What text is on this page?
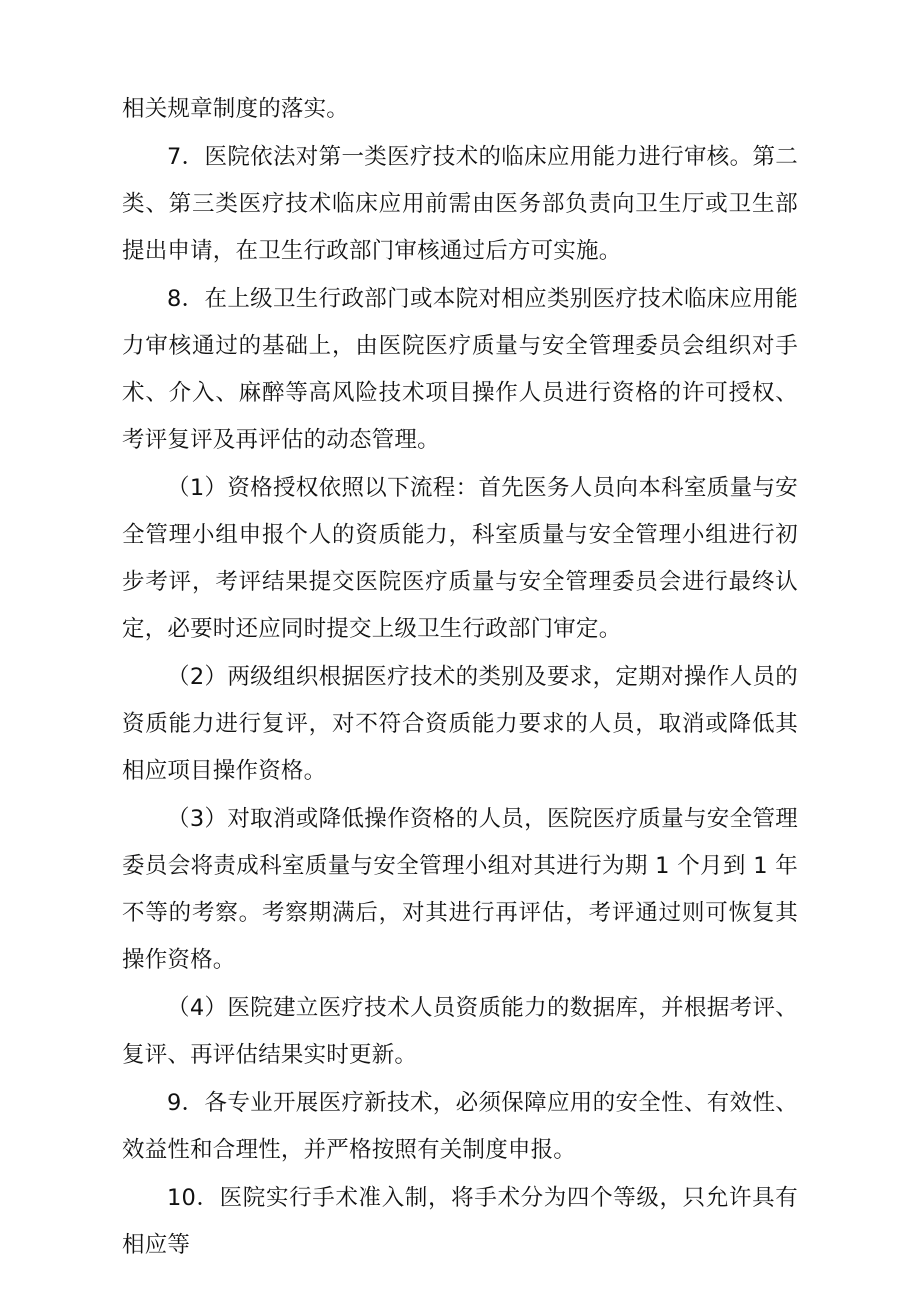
相关规章制度的落实。

7．医院依法对第一类医疗技术的临床应用能力进行审核。第二类、第三类医疗技术临床应用前需由医务部负责向卫生厅或卫生部提出申请，在卫生行政部门审核通过后方可实施。

8．在上级卫生行政部门或本院对相应类别医疗技术临床应用能力审核通过的基础上，由医院医疗质量与安全管理委员会组织对手术、介入、麻醉等高风险技术项目操作人员进行资格的许可授权、考评复评及再评估的动态管理。

（1）资格授权依照以下流程：首先医务人员向本科室质量与安全管理小组申报个人的资质能力，科室质量与安全管理小组进行初步考评，考评结果提交医院医疗质量与安全管理委员会进行最终认定，必要时还应同时提交上级卫生行政部门审定。

（2）两级组织根据医疗技术的类别及要求，定期对操作人员的资质能力进行复评，对不符合资质能力要求的人员，取消或降低其相应项目操作资格。

（3）对取消或降低操作资格的人员，医院医疗质量与安全管理委员会将责成科室质量与安全管理小组对其进行为期 1 个月到 1 年不等的考察。考察期满后，对其进行再评估，考评通过则可恢复其操作资格。

（4）医院建立医疗技术人员资质能力的数据库，并根据考评、复评、再评估结果实时更新。

9．各专业开展医疗新技术，必须保障应用的安全性、有效性、效益性和合理性，并严格按照有关制度申报。

10．医院实行手术准入制，将手术分为四个等级，只允许具有相应等
